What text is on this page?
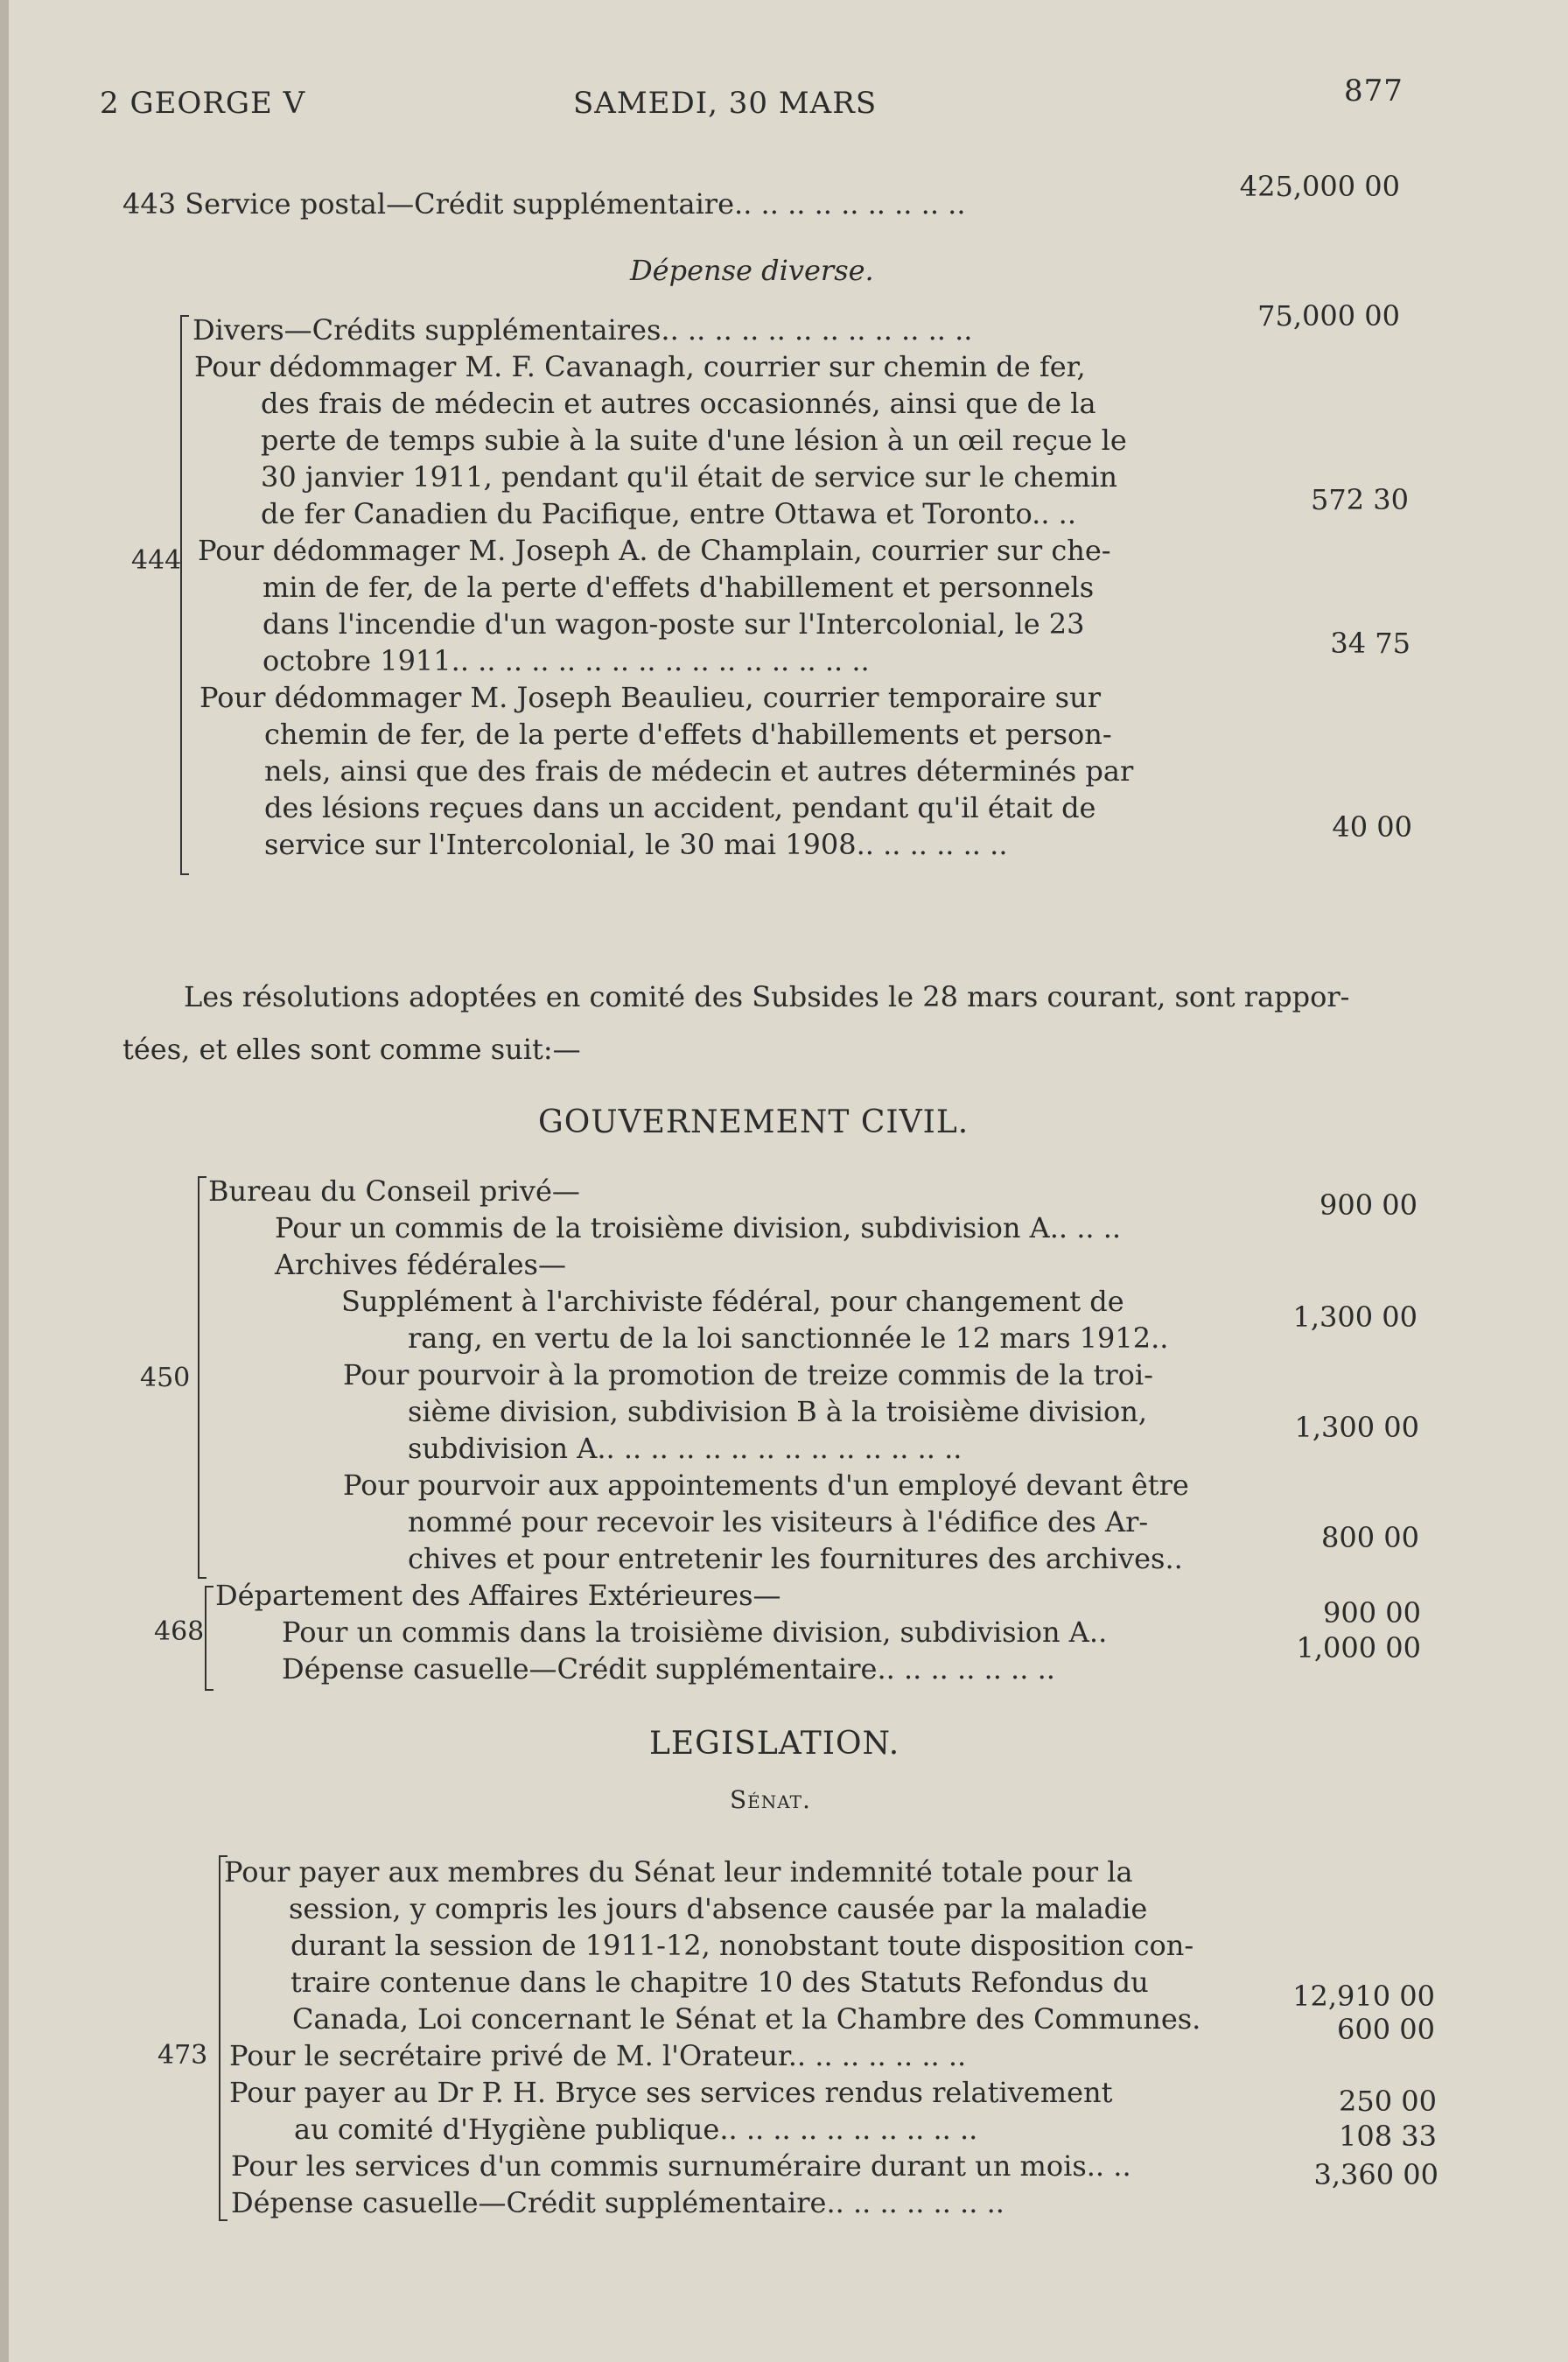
2 GEORGE V	SAMEDI, 30 MARS	877
443 Service postal—Crédit supplémentaire.. .. .. .. .. .. .. .. ..
425,000 00
Dépense diverse.
444
Divers—Crédits supplémentaires.. .. .. .. .. .. .. .. .. .. .. ..
Pour dédommager M. F. Cavanagh, courrier sur chemin de fer,
des frais de médecin et autres occasionnés, ainsi que de la
perte de temps subie à la suite d'une lésion à un œil reçue le
30 janvier 1911, pendant qu'il était de service sur le chemin
de fer Canadien du Pacifique, entre Ottawa et Toronto.. ..
Pour dédommager M. Joseph A. de Champlain, courrier sur che-
min de fer, de la perte d'effets d'habillement et personnels
dans l'incendie d'un wagon-poste sur l'Intercolonial, le 23
octobre 1911.. .. .. .. .. .. .. .. .. .. .. .. .. .. .. ..
Pour dédommager M. Joseph Beaulieu, courrier temporaire sur
chemin de fer, de la perte d'effets d'habillements et person-
nels, ainsi que des frais de médecin et autres déterminés par
des lésions reçues dans un accident, pendant qu'il était de
service sur l'Intercolonial, le 30 mai 1908.. .. .. .. .. ..
75,000 00
572 30
34 75
40 00
Les résolutions adoptées en comité des Subsides le 28 mars courant, sont rappor-
tées, et elles sont comme suit:—
GOUVERNEMENT CIVIL.
450
Bureau du Conseil privé—
Pour un commis de la troisième division, subdivision A.. .. ..
Archives fédérales—
Supplément à l'archiviste fédéral, pour changement de
rang, en vertu de la loi sanctionnée le 12 mars 1912..
Pour pourvoir à la promotion de treize commis de la troi-
sième division, subdivision B à la troisième division,
subdivision A.. .. .. .. .. .. .. .. .. .. .. .. .. ..
Pour pourvoir aux appointements d'un employé devant être
nommé pour recevoir les visiteurs à l'édifice des Ar-
chives et pour entretenir les fournitures des archives..
900 00
1,300 00
1,300 00
800 00
468
Département des Affaires Extérieures—
Pour un commis dans la troisième division, subdivision A..
Dépense casuelle—Crédit supplémentaire.. .. .. .. .. .. ..
900 00
1,000 00
LEGISLATION.
Sénat.
473
Pour payer aux membres du Sénat leur indemnité totale pour la
session, y compris les jours d'absence causée par la maladie
durant la session de 1911-12, nonobstant toute disposition con-
traire contenue dans le chapitre 10 des Statuts Refondus du
Canada, Loi concernant le Sénat et la Chambre des Communes.
Pour le secrétaire privé de M. l'Orateur.. .. .. .. .. .. ..
Pour payer au Dr P. H. Bryce ses services rendus relativement
au comité d'Hygiène publique.. .. .. .. .. .. .. .. .. ..
Pour les services d'un commis surnuméraire durant un mois.. ..
Dépense casuelle—Crédit supplémentaire.. .. .. .. .. .. ..
12,910 00
600 00
250 00
108 33
3,360 00
